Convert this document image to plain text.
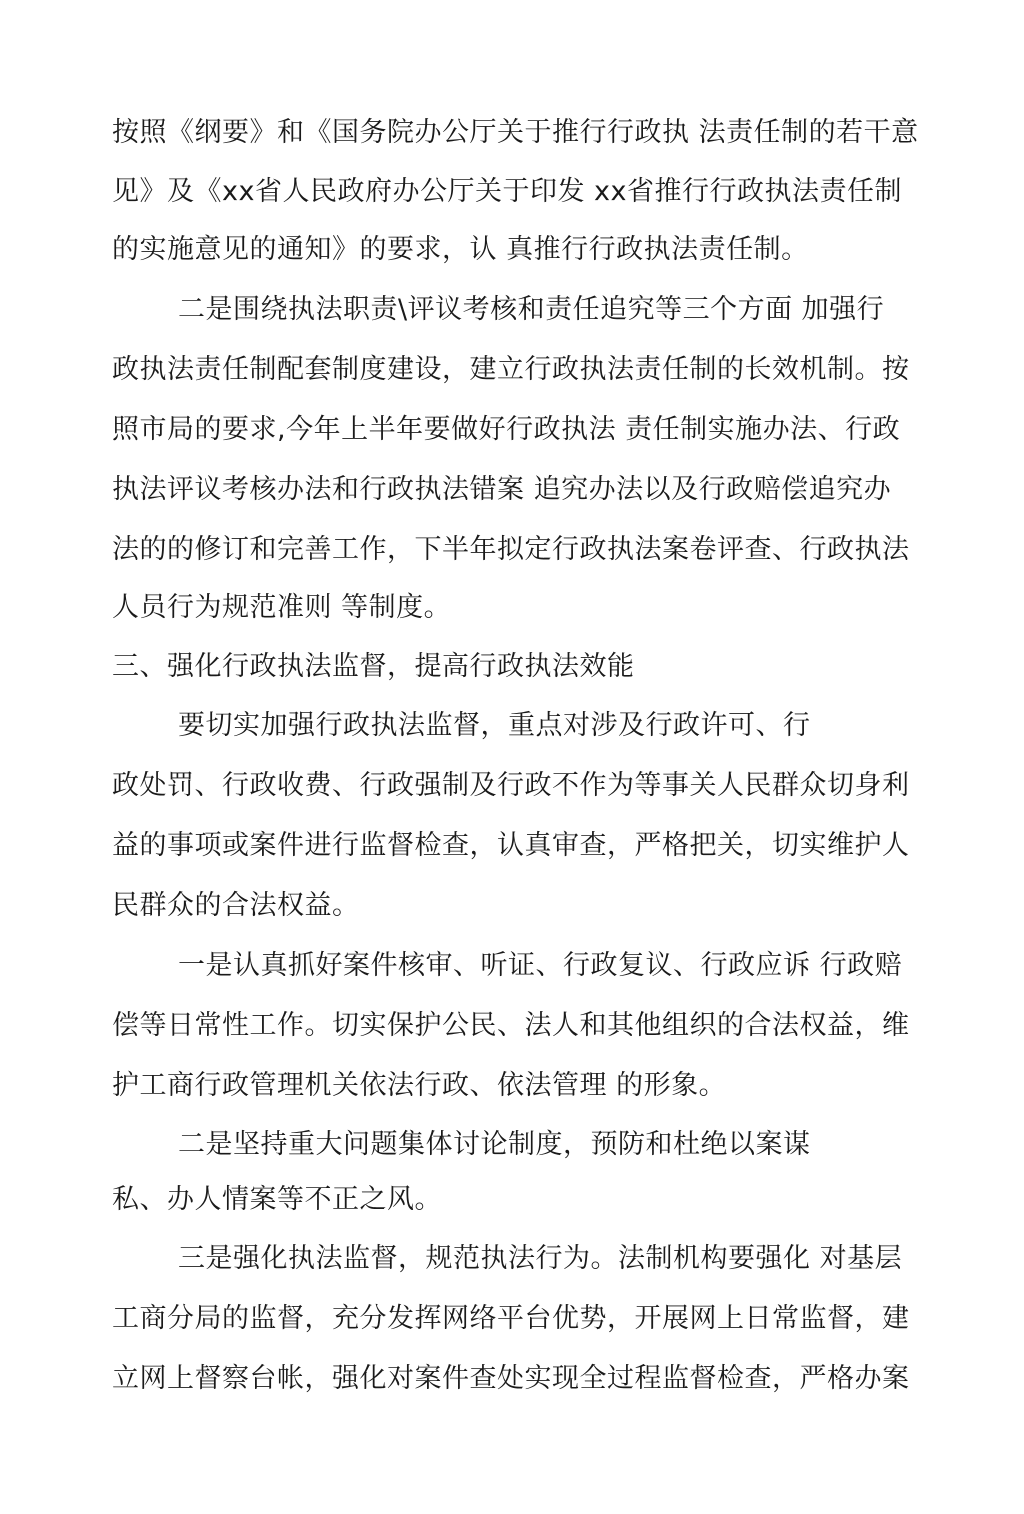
按照《纲要》和《国务院办公厅关于推行行政执 法责任制的若干意
见》及《xx省人民政府办公厅关于印发 xx省推行行政执法责任制
的实施意见的通知》的要求，认 真推行行政执法责任制。
二是围绕执法职责\评议考核和责任追究等三个方面 加强行
政执法责任制配套制度建设，建立行政执法责任制的长效机制。按
照市局的要求,今年上半年要做好行政执法 责任制实施办法、行政
执法评议考核办法和行政执法错案 追究办法以及行政赔偿追究办
法的的修订和完善工作，下半年拟定行政执法案卷评查、行政执法
人员行为规范准则 等制度。
三、强化行政执法监督，提高行政执法效能
要切实加强行政执法监督，重点对涉及行政许可、行
政处罚、行政收费、行政强制及行政不作为等事关人民群众切身利
益的事项或案件进行监督检查，认真审查，严格把关，切实维护人
民群众的合法权益。
一是认真抓好案件核审、听证、行政复议、行政应诉 行政赔
偿等日常性工作。切实保护公民、法人和其他组织的合法权益，维
护工商行政管理机关依法行政、依法管理 的形象。
二是坚持重大问题集体讨论制度，预防和杜绝以案谋
私、办人情案等不正之风。
三是强化执法监督，规范执法行为。法制机构要强化 对基层
工商分局的监督，充分发挥网络平台优势，开展网上日常监督，建
立网上督察台帐，强化对案件查处实现全过程监督检查，严格办案
